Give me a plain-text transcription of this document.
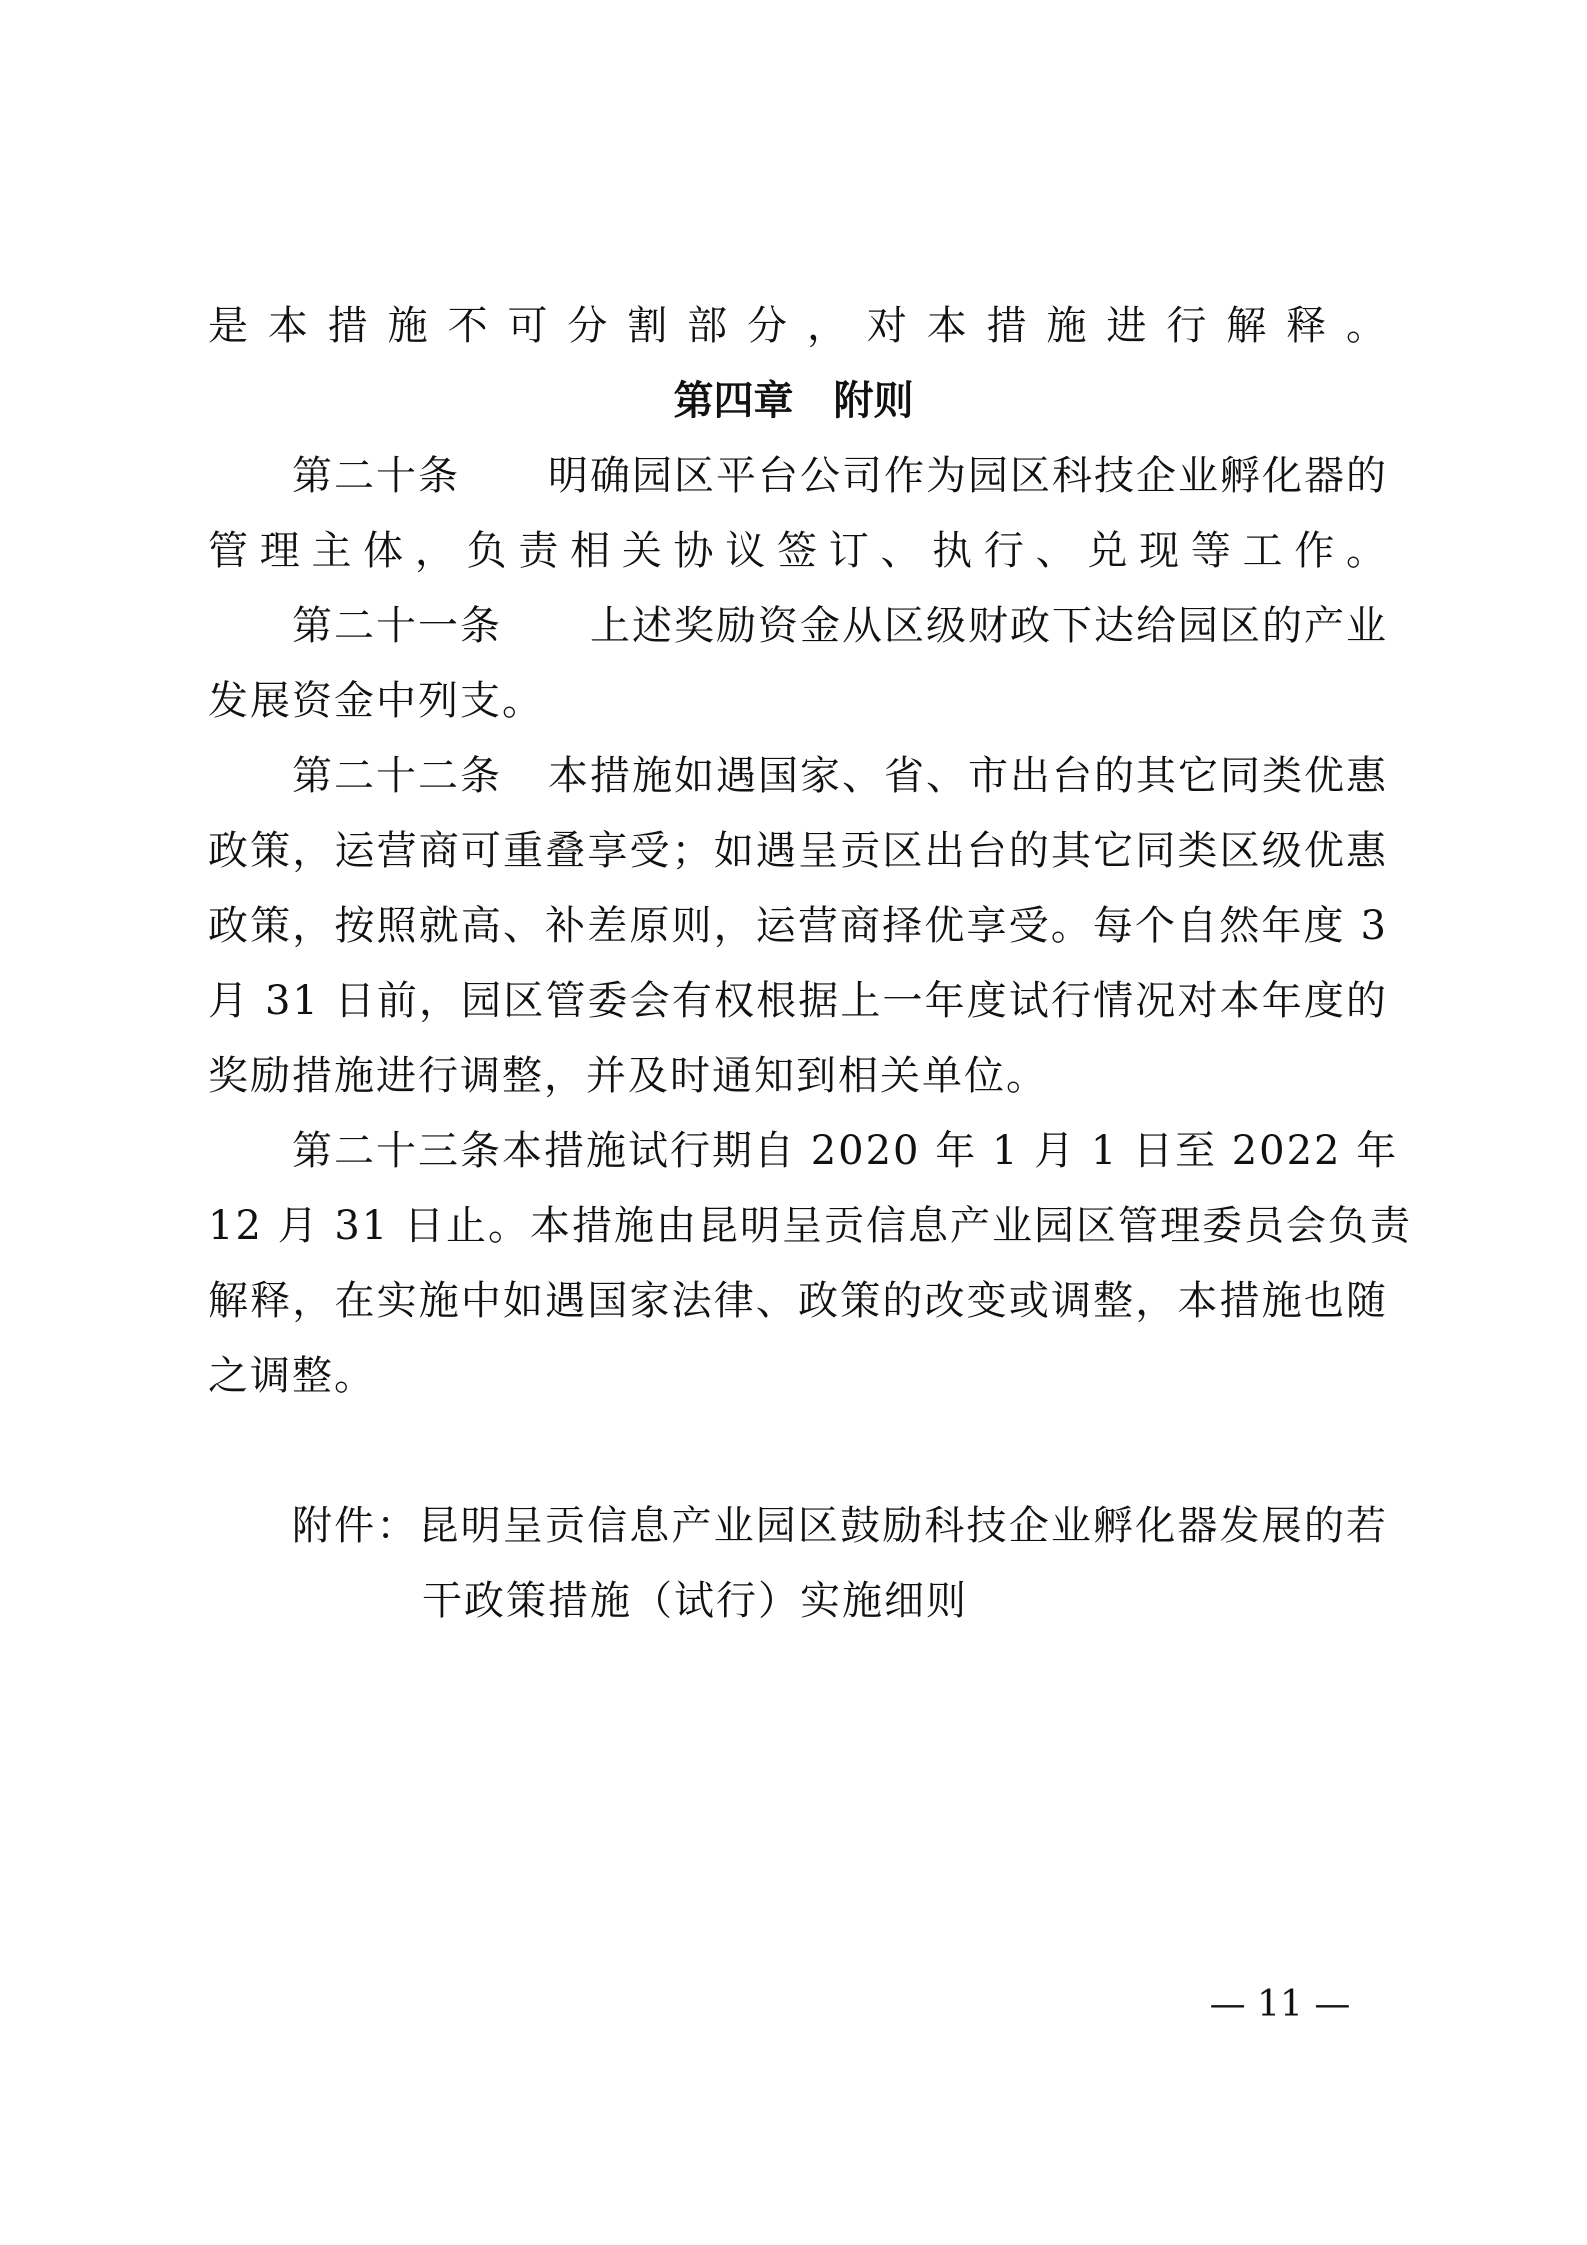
是本措施不可分割部分，对本措施进行解释。
第四章　附则
第二十条 明确园区平台公司作为园区科技企业孵化器的
管理主体，负责相关协议签订、执行、兑现等工作。
第二十一条 上述奖励资金从区级财政下达给园区的产业
发展资金中列支。
第二十二条 本措施如遇国家、省、市出台的其它同类优惠
政策，运营商可重叠享受；如遇呈贡区出台的其它同类区级优惠
政策，按照就高、补差原则，运营商择优享受。每个自然年度 3
月 31 日前，园区管委会有权根据上一年度试行情况对本年度的
奖励措施进行调整，并及时通知到相关单位。
第二十三条 本措施试行期自 2020 年 1 月 1 日至 2022 年
12 月 31 日止。本措施由昆明呈贡信息产业园区管理委员会负责
解释，在实施中如遇国家法律、政策的改变或调整，本措施也随
之调整。
附件：昆明呈贡信息产业园区鼓励科技企业孵化器发展的若
干政策措施（试行）实施细则
— 11 —
